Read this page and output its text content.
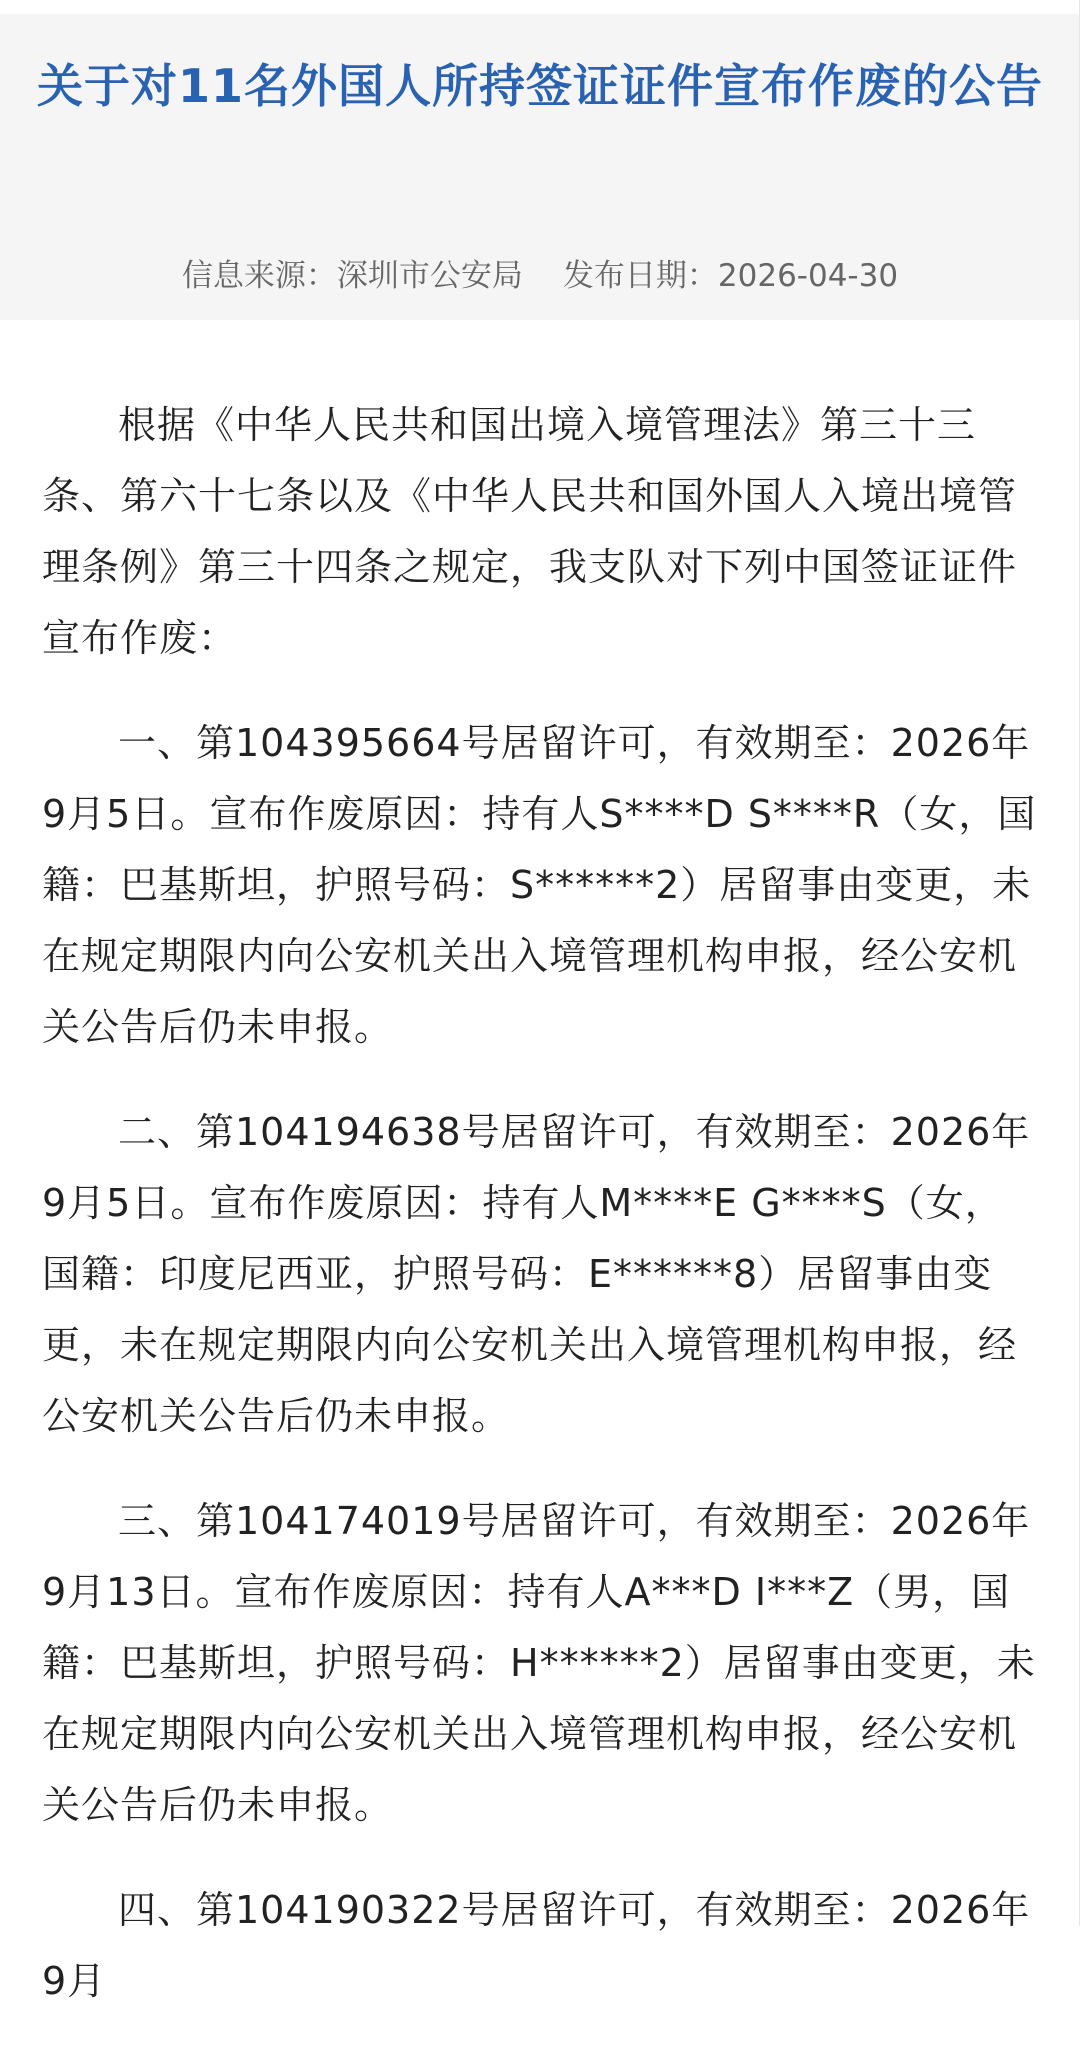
关于对11名外国人所持签证证件宣布作废的公告
信息来源：深圳市公安局 发布日期：2026-04-30

根据《中华人民共和国出境入境管理法》第三十三条、第六十七条以及《中华人民共和国外国人入境出境管理条例》第三十四条之规定，我支队对下列中国签证证件宣布作废：

一、第104395664号居留许可，有效期至：2026年9月5日。宣布作废原因：持有人S****D S****R（女，国籍：巴基斯坦，护照号码：S******2）居留事由变更，未在规定期限内向公安机关出入境管理机构申报，经公安机关公告后仍未申报。

二、第104194638号居留许可，有效期至：2026年9月5日。宣布作废原因：持有人M****E G****S（女，国籍：印度尼西亚，护照号码：E******8）居留事由变更，未在规定期限内向公安机关出入境管理机构申报，经公安机关公告后仍未申报。

三、第104174019号居留许可，有效期至：2026年9月13日。宣布作废原因：持有人A***D I***Z（男，国籍：巴基斯坦，护照号码：H******2）居留事由变更，未在规定期限内向公安机关出入境管理机构申报，经公安机关公告后仍未申报。

四、第104190322号居留许可，有效期至：2026年9月
